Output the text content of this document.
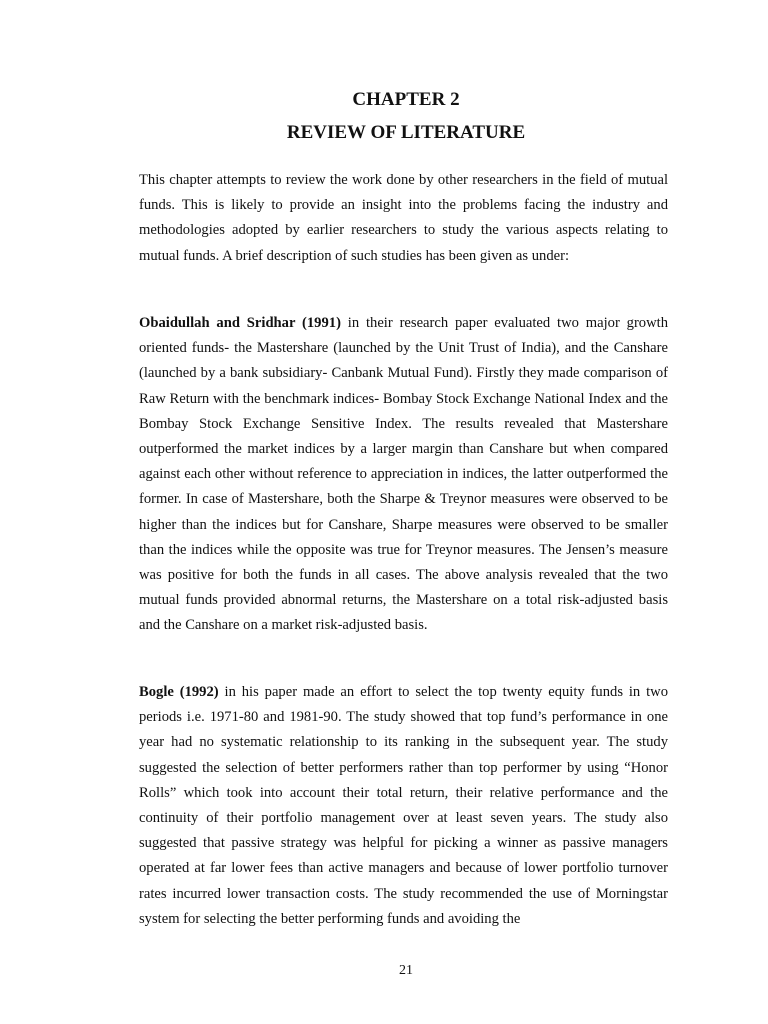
CHAPTER 2
REVIEW OF LITERATURE

This chapter attempts to review the work done by other researchers in the field of mutual funds. This is likely to provide an insight into the problems facing the industry and methodologies adopted by earlier researchers to study the various aspects relating to mutual funds. A brief description of such studies has been given as under:

Obaidullah and Sridhar (1991) in their research paper evaluated two major growth oriented funds- the Mastershare (launched by the Unit Trust of India), and the Canshare (launched by a bank subsidiary- Canbank Mutual Fund). Firstly they made comparison of Raw Return with the benchmark indices- Bombay Stock Exchange National Index and the Bombay Stock Exchange Sensitive Index. The results revealed that Mastershare outperformed the market indices by a larger margin than Canshare but when compared against each other without reference to appreciation in indices, the latter outperformed the former. In case of Mastershare, both the Sharpe & Treynor measures were observed to be higher than the indices but for Canshare, Sharpe measures were observed to be smaller than the indices while the opposite was true for Treynor measures. The Jensen’s measure was positive for both the funds in all cases. The above analysis revealed that the two mutual funds provided abnormal returns, the Mastershare on a total risk-adjusted basis and the Canshare on a market risk-adjusted basis.

Bogle (1992) in his paper made an effort to select the top twenty equity funds in two periods i.e. 1971-80 and 1981-90. The study showed that top fund’s performance in one year had no systematic relationship to its ranking in the subsequent year. The study suggested the selection of better performers rather than top performer by using “Honor Rolls” which took into account their total return, their relative performance and the continuity of their portfolio management over at least seven years. The study also suggested that passive strategy was helpful for picking a winner as passive managers operated at far lower fees than active managers and because of lower portfolio turnover rates incurred lower transaction costs. The study recommended the use of Morningstar system for selecting the better performing funds and avoiding the

21
